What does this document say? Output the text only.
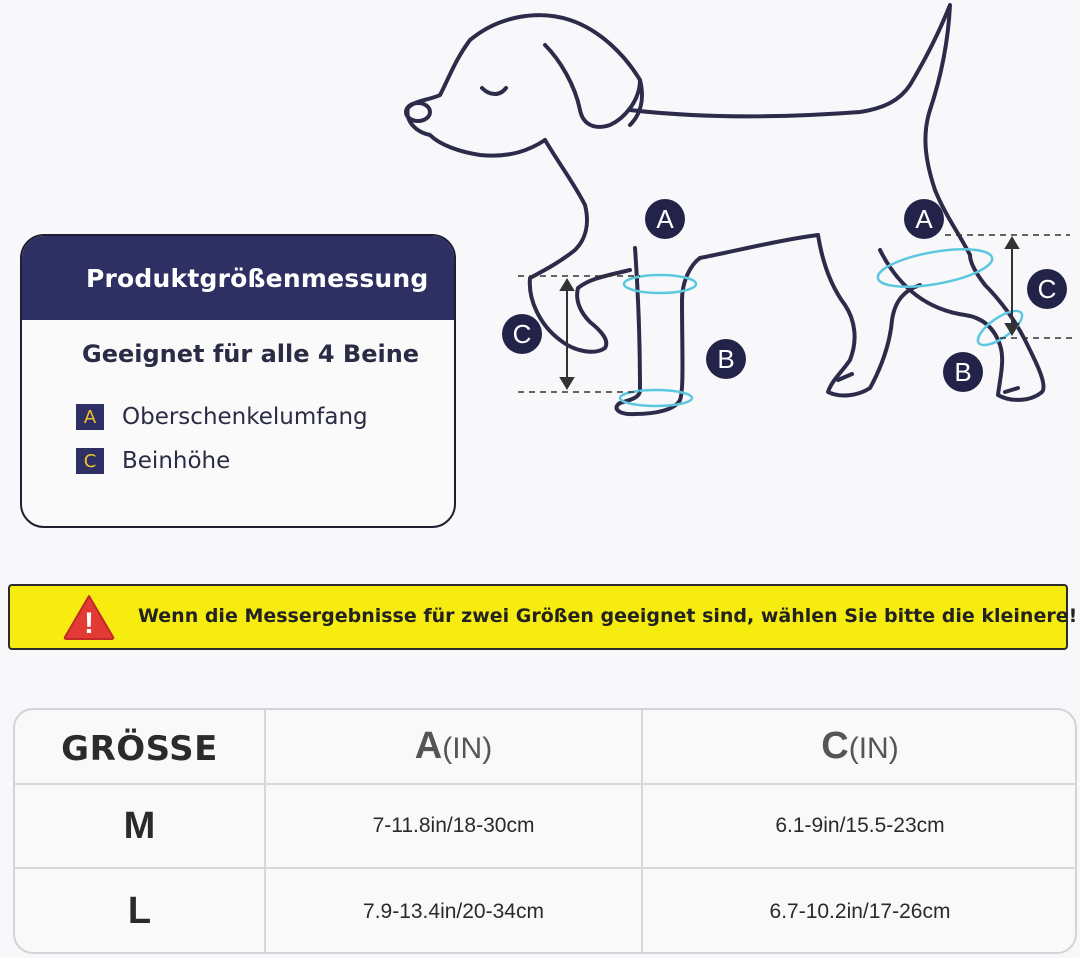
A	A
C
C
B	B
Produktgrößenmessung
Geeignet für alle 4 Beine
A	Oberschenkelumfang
C	Beinhöhe
! Wenn die Messergebnisse für zwei Größen geeignet sind, wählen Sie bitte die kleinere!
GRÖSSE	A(IN)	C(IN)
M	7-11.8in/18-30cm	6.1-9in/15.5-23cm
L	7.9-13.4in/20-34cm	6.7-10.2in/17-26cm
